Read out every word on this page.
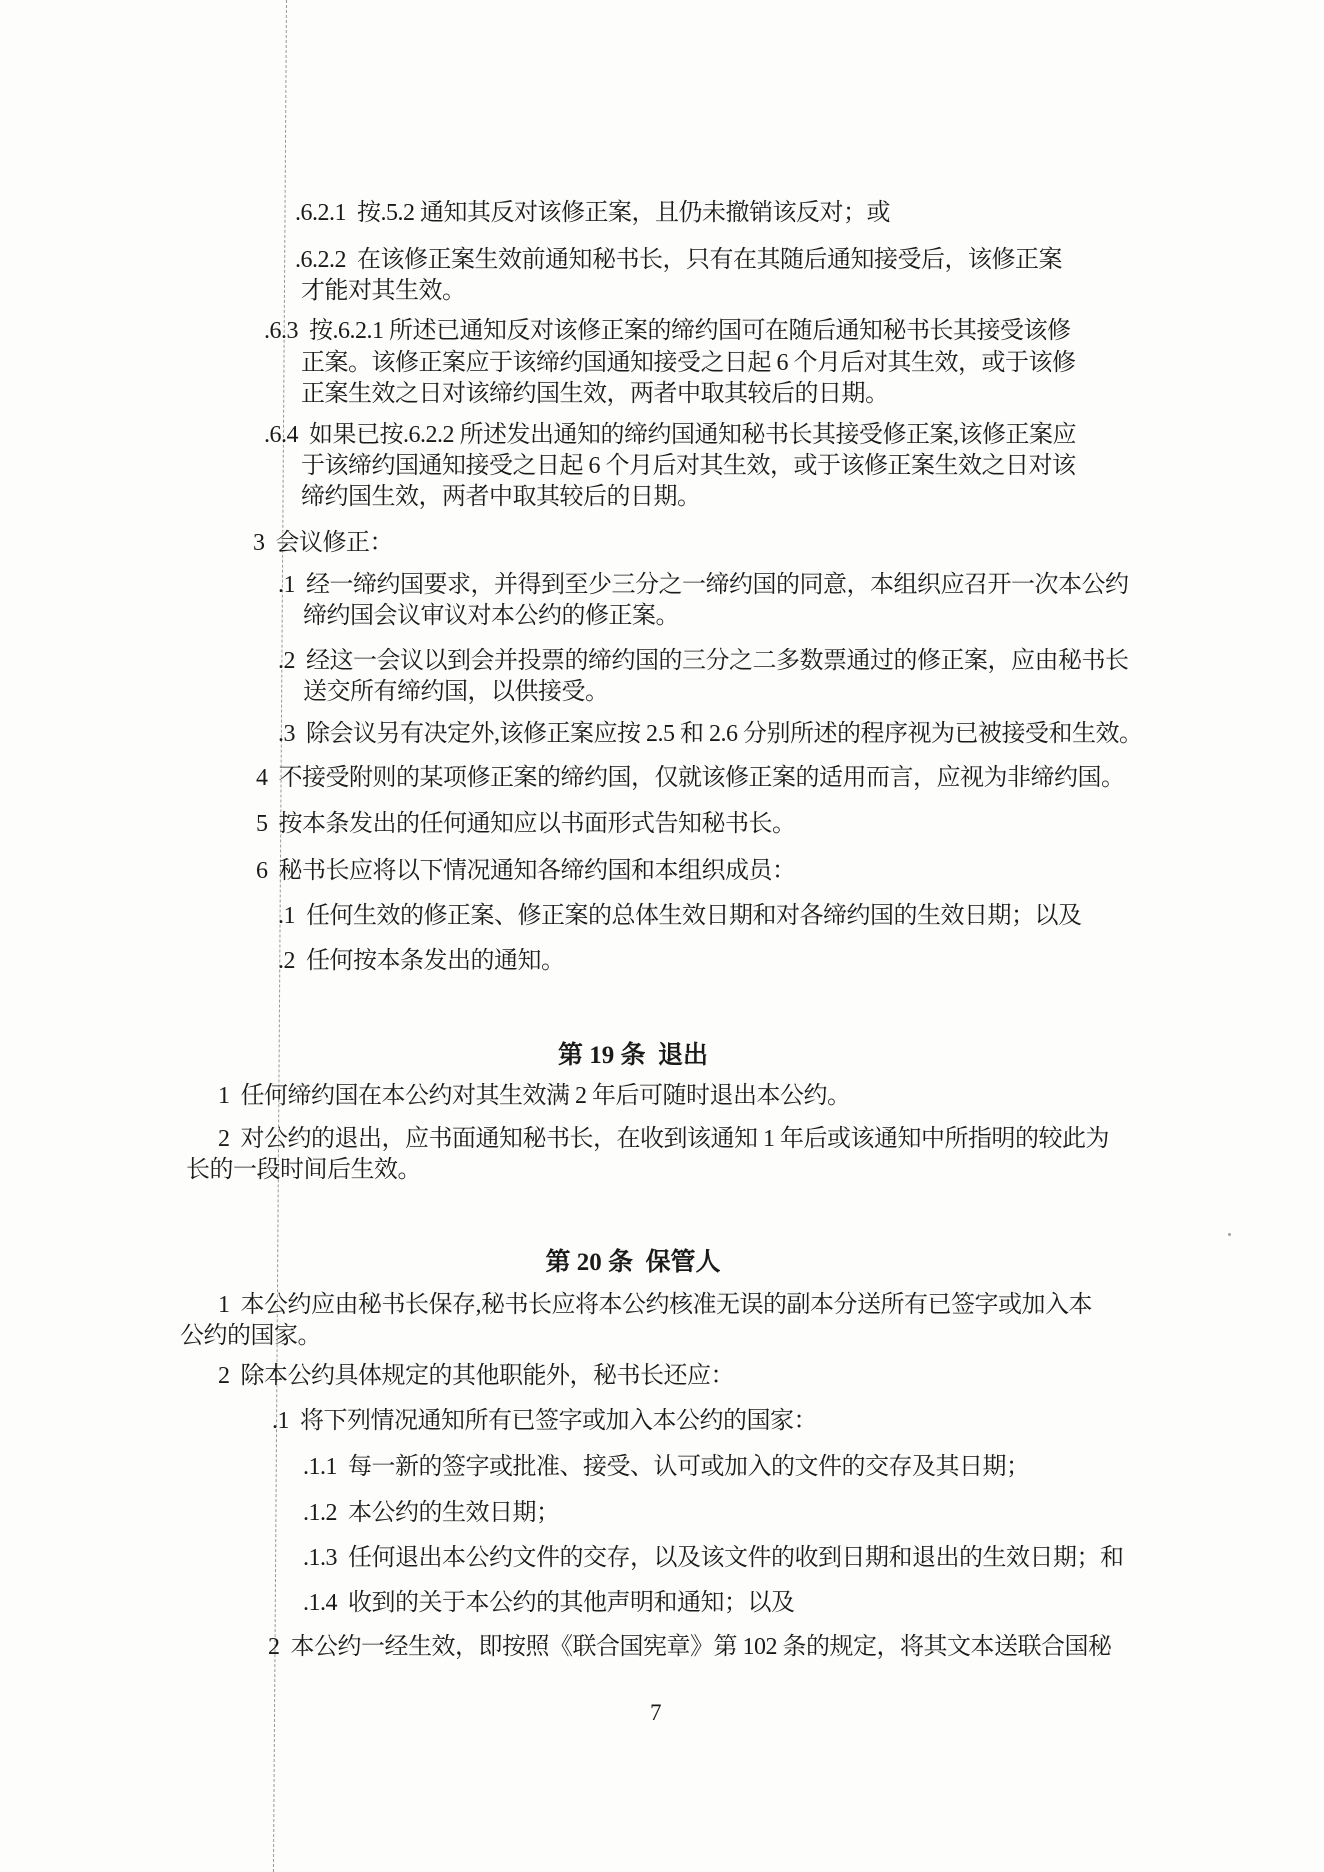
.6.2.1  按.5.2 通知其反对该修正案，且仍未撤销该反对；或
.6.2.2  在该修正案生效前通知秘书长，只有在其随后通知接受后，该修正案
才能对其生效。
.6.3  按.6.2.1 所述已通知反对该修正案的缔约国可在随后通知秘书长其接受该修
正案。该修正案应于该缔约国通知接受之日起 6 个月后对其生效，或于该修
正案生效之日对该缔约国生效，两者中取其较后的日期。
.6.4  如果已按.6.2.2 所述发出通知的缔约国通知秘书长其接受修正案,该修正案应
于该缔约国通知接受之日起 6 个月后对其生效，或于该修正案生效之日对该
缔约国生效，两者中取其较后的日期。
3  会议修正：
.1  经一缔约国要求，并得到至少三分之一缔约国的同意，本组织应召开一次本公约
缔约国会议审议对本公约的修正案。
.2  经这一会议以到会并投票的缔约国的三分之二多数票通过的修正案，应由秘书长
送交所有缔约国，以供接受。
.3  除会议另有决定外,该修正案应按 2.5 和 2.6 分别所述的程序视为已被接受和生效。
4  不接受附则的某项修正案的缔约国，仅就该修正案的适用而言，应视为非缔约国。
5  按本条发出的任何通知应以书面形式告知秘书长。
6  秘书长应将以下情况通知各缔约国和本组织成员：
.1  任何生效的修正案、修正案的总体生效日期和对各缔约国的生效日期；以及
.2  任何按本条发出的通知。
第 19 条  退出
1  任何缔约国在本公约对其生效满 2 年后可随时退出本公约。
2  对公约的退出，应书面通知秘书长，在收到该通知 1 年后或该通知中所指明的较此为
长的一段时间后生效。
第 20 条  保管人
1  本公约应由秘书长保存,秘书长应将本公约核准无误的副本分送所有已签字或加入本
公约的国家。
2  除本公约具体规定的其他职能外，秘书长还应：
.1  将下列情况通知所有已签字或加入本公约的国家：
.1.1  每一新的签字或批准、接受、认可或加入的文件的交存及其日期；
.1.2  本公约的生效日期；
.1.3  任何退出本公约文件的交存，以及该文件的收到日期和退出的生效日期；和
.1.4  收到的关于本公约的其他声明和通知；以及
2  本公约一经生效，即按照《联合国宪章》第 102 条的规定，将其文本送联合国秘
7
